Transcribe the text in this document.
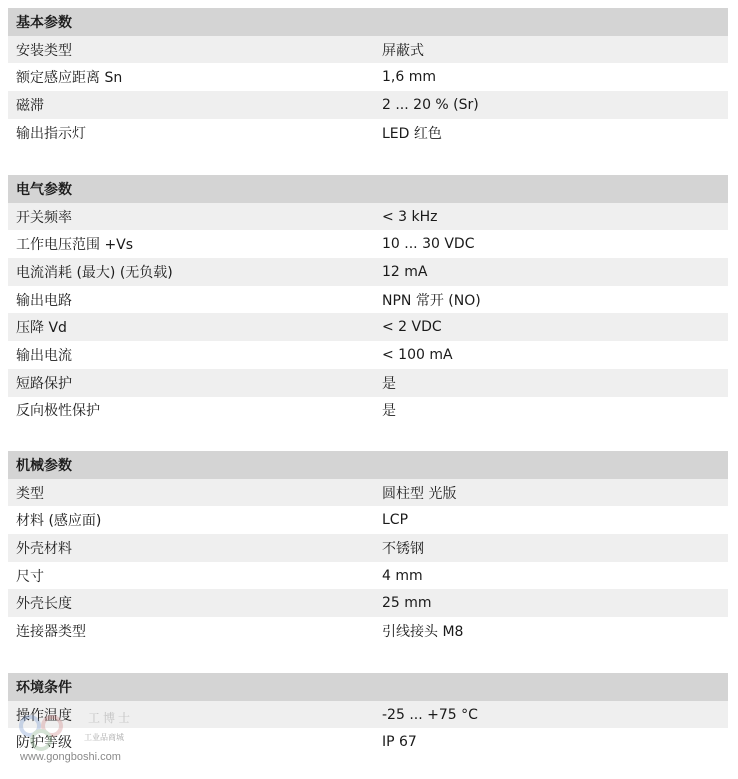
基本参数
安装类型	屏蔽式
额定感应距离 Sn	1,6 mm
磁滞	2 ... 20 % (Sr)
输出指示灯	LED 红色
电气参数
开关频率	< 3 kHz
工作电压范围 +Vs	10 ... 30 VDC
电流消耗 (最大) (无负载)	12 mA
输出电路	NPN 常开 (NO)
压降 Vd	< 2 VDC
输出电流	< 100 mA
短路保护	是
反向极性保护	是
机械参数
类型	圆柱型 光版
材料 (感应面)	LCP
外壳材料	不锈钢
尺寸	4 mm
外壳长度	25 mm
连接器类型	引线接头 M8
环境条件
操作温度	-25 ... +75 °C
防护等级	IP 67
工博士
工业品商城
www.gongboshi.com
